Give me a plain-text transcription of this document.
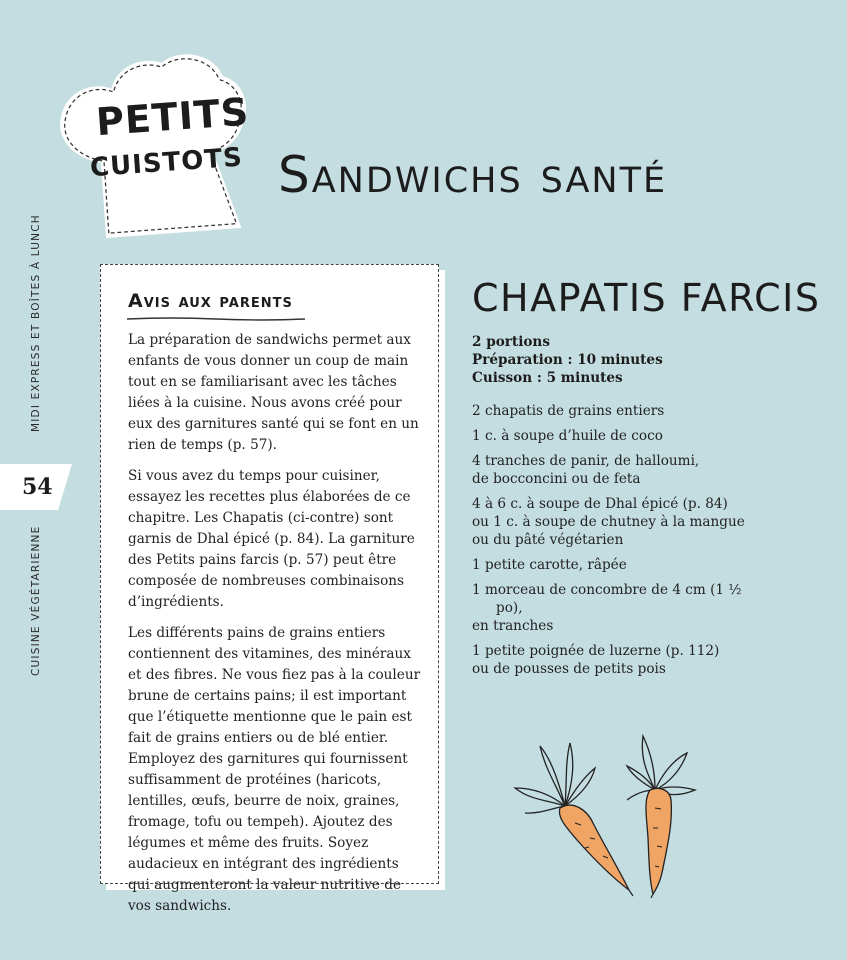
PETITS
CUISTOTS Sandwichs santé
MIDI EXPRESS ET BOÎTES À LUNCH
54
CUISINE VÉGÉTARIENNE
Avis aux parents

La préparation de sandwichs permet aux enfants de vous donner un coup de main tout en se familiarisant avec les tâches liées à la cuisine. Nous avons créé pour eux des garnitures santé qui se font en un rien de temps (p. 57).

Si vous avez du temps pour cuisiner, essayez les recettes plus élaborées de ce chapitre. Les Chapatis (ci-contre) sont garnis de Dhal épicé (p. 84). La garniture des Petits pains farcis (p. 57) peut être composée de nombreuses combinaisons d’ingrédients.

Les différents pains de grains entiers contiennent des vitamines, des minéraux et des fibres. Ne vous fiez pas à la couleur brune de certains pains; il est important que l’étiquette mentionne que le pain est fait de grains entiers ou de blé entier. Employez des garnitures qui fournissent suffisamment de protéines (haricots, lentilles, œufs, beurre de noix, graines, fromage, tofu ou tempeh). Ajoutez des légumes et même des fruits. Soyez audacieux en intégrant des ingrédients qui augmenteront la valeur nutritive de vos sandwichs.

CHAPATIS FARCIS
2 portions
Préparation : 10 minutes
Cuisson : 5 minutes
2 chapatis de grains entiers
1 c. à soupe d’huile de coco
4 tranches de panir, de halloumi,
de bocconcini ou de feta
4 à 6 c. à soupe de Dhal épicé (p. 84)
ou 1 c. à soupe de chutney à la mangue
ou du pâté végétarien
1 petite carotte, râpée
1 morceau de concombre de 4 cm (1 ½ po),
en tranches
1 petite poignée de luzerne (p. 112)
ou de pousses de petits pois
